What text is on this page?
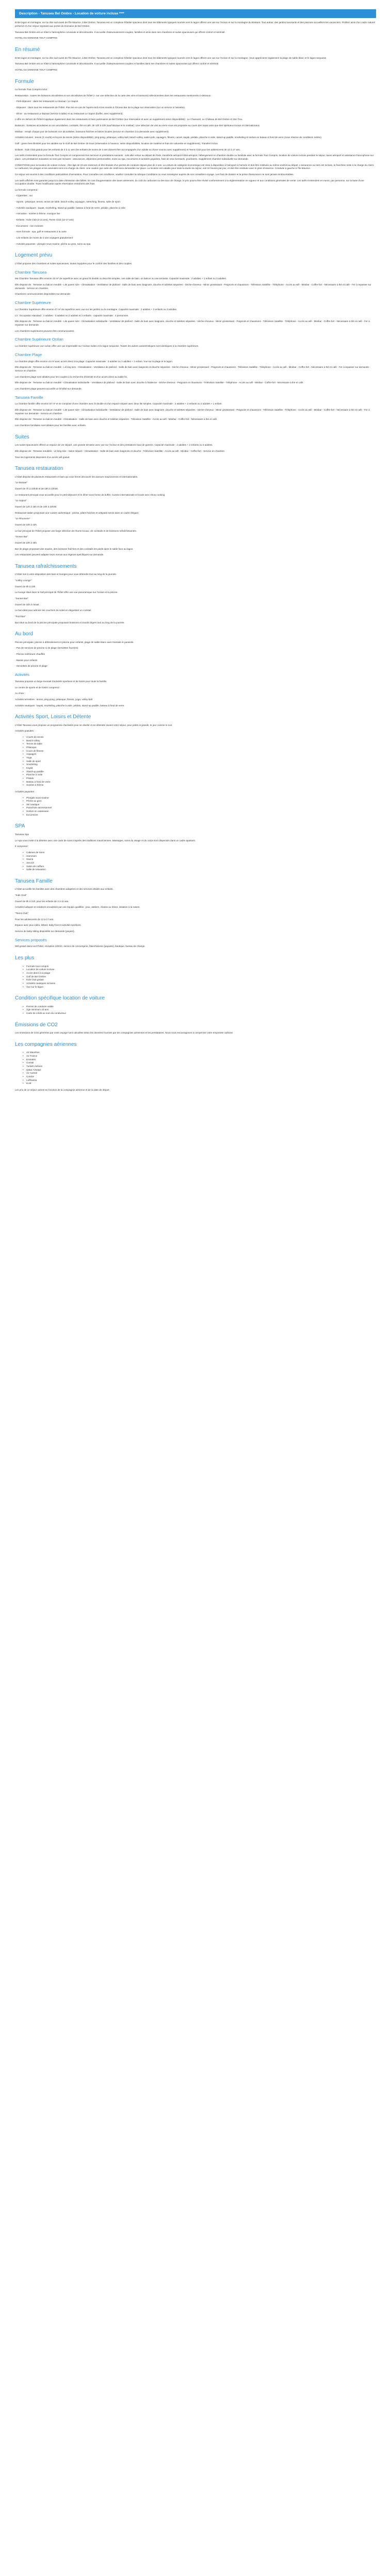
Description - Tanusea Bel Ombre - Location de voiture incluse ****

Entre lagon et montagne, sur la côte sud-ouest de l'île Maurice, à Bel Ombre, Tanusea est un complexe hôtelier spacieux dont tous les bâtiments typiques tournés vers le lagon offrent une vue sur l'océan et sur la montagne du Brabant. Tout autour, des jardins luxuriants et des piscines accueillent les vacanciers. Profitez ainsi d'un cadre naturel préservé et d'un séjour reposant aux portes du Domaine de Bel Ombre.

Tanusea Bel Ombre est un hôtel à l'atmosphère conviviale et décontractée. Il accueille chaleureusement couples, familles et amis dans ses chambres et suites spacieuses qui offrent confort et sérénité.

HOTEL DU DOMAINE TOUT COMPRIS

En résumé

Entre lagon et montagne, sur la côte sud-ouest de l'île Maurice, à Bel Ombre, Tanusea est un complexe hôtelier spacieux dont tous les bâtiments typiques tournés vers le lagon offrent une vue sur l'océan et sur la montagne. Vous apprécierez également la plage de sable blanc et le lagon turquoise.

Tanusea Bel Ombre est un hôtel à l'atmosphère conviviale et décontractée. Il accueille chaleureusement couples et familles dans ses chambres et suites spacieuses qui offrent confort et sérénité.

HOTEL DU DOMAINE TOUT COMPRIS

Formule

La formule Tout Compris inclut :

Restauration : toutes les boissons alcoolisées et non alcoolisées de l'hôtel (+ sur une sélection de la carte des vins et boissons) sélectionnées dans les restaurants mentionnés ci-dessous :

- Petit-déjeuner : dans les restaurants Le Bazaar / Le Sapori.

- Déjeuner : dans tous les restaurants de l'hôtel. Plus les en-cas de l'après-midi et les snacks à l'Ocean Bar de la plage sur réservation (sur un service à l'assiette).

- Dîner : au restaurant Le Bazaar (service à table) et au restaurant Le Sapori (buffet, avec supplément).

L'offre en dehors de l'hôtel s'applique également dans les restaurants et bars partenaires de Bel Ombre (sur réservation et avec un supplément selon disponibilité) : Le Chamarel, Le Château de Bel Ombre et 19e Trou.

Boissons : boissons alcoolisées et non alcoolisées, cocktails, thé et café, de 10h à 23h (sauf Bazaar et le minibar). Une sélection de vins au verre vous est proposée au cours des repas ainsi que des spiritueux locaux et internationaux.

Minibar : rempli chaque jour de boissons non alcoolisées, boissons fraîches et bières locales (service en chambre à la demande avec supplément).

Activités incluses : tennis (2 courts) et leçons de tennis (selon disponibilité), ping-pong, pétanque, volley-ball, beach-volley, water-polo, aquagym, fitness, canoë, kayak, pédalo, planche à voile, stand-up paddle, snorkeling et sorties en bateau à fond de verre (sous réserve de conditions météo).

Golf : green fees illimités pour les adultes sur le Golf de Bel Ombre 18 trous (réservation à l'avance, selon disponibilités, location de matériel et frais de voiturette en supplément). Transfert inclus.

Enfants : Kids Club gratuit pour les enfants de 3 à 11 ans (les enfants de moins de 3 ans doivent être accompagnés d'un adulte ou d'une nounou avec supplément) et Teens Club pour les adolescents de 12 à 17 ans.

Les tarifs s'entendent pour la formule Tout Compris et comprennent les services et prestations suivants : vols aller-retour au départ de Paris, transferts aéroport-hôtel-aéroport, hébergement en chambre double ou familiale avec la formule Tout Compris, location de voiture incluse pendant le séjour, taxes aéroport et assistance francophone sur place. Les prestations suivantes ne sont pas incluses : assurances, dépenses personnelles, soins au spa, excursions et activités payantes, frais de visa éventuels, pourboires. Supplément chambre individuelle sur demande.

CONDITIONS pour la location de voiture incluse : être âgé de 23 ans minimum et être titulaire d'un permis de conduire depuis plus de 2 ans. La voiture de catégorie économique est mise à disposition à l'aéroport à l'arrivée et doit être restituée au même endroit au départ. L'assurance au tiers est incluse, la franchise reste à la charge du client. Le carburant, les péages et les amendes sont à la charge du client. Une caution par carte de crédit sera demandée sur place. La location est valable pour toute la durée du séjour, soit 24 heures par jour, et doit être restituée avec le plein d'essence. Conduite à gauche à l'île Maurice.

Ce séjour est soumis à des conditions particulières d'annulation. Pour connaître ces conditions, veuillez consulter la rubrique Conditions ou vous renseigner auprès de nos conseillers voyage. Les frais de dossier et la prime d'assurance ne sont jamais remboursables.

Les tarifs affichés sont garantis jusqu'à la date d'émission des billets. En cas d'augmentation des taxes aériennes, du coût du carburant ou des taux de change, le prix pourra être révisé conformément à la réglementation en vigueur et aux conditions générales de vente. Les tarifs s'entendent en euros, par personne, sur la base d'une occupation double. Toute modification après réservation entraînera des frais.

La formule comprend :

- Cigarettes : oui

- Sports : pétanque, tennis, tennis de table, beach-volley, aquagym, stretching, fitness, salle de sport

- Activités nautiques : kayak, snorkeling, stand-up paddle, bateau à fond de verre, pédalo, planche à voile

- Animation : soirées à thème, musique live

- Enfants : Kids Club (3-11 ans), Teens Club (12-17 ans)

- Excursions : non incluses

- Hors formule : spa, golf et restaurants à la carte

- Les enfants de moins de 2 ans voyagent gratuitement

- Activités payantes : plongée sous-marine, pêche au gros, soins au spa

Logement prévu

L'hôtel propose des chambres et suites spacieuses, toutes équipées pour le confort des familles et des couples.

Chambre Tanusea

Ma Chambre Tanusea offre environ 43 m² de superficie avec un grand lit double ou deux lits simples, une salle de bain, un balcon ou une terrasse. Capacité maximale : 2 adultes + 1 enfant ou 3 adultes.

Elle dispose de : Terrasse ou balcon meublé - Lits queen size - Climatisation - Ventilateur de plafond - Salle de bain avec baignoire, douche et toilettes séparées - Sèche-cheveux - Miroir grossissant - Peignoirs et chaussons - Télévision Satellite - Téléphone - Accès au wifi - Minibar - Coffre-fort - Nécessaire à thé et café - Fer à repasser sur demande - Service en chambre.

Chambres communicantes disponibles sur demande.

Chambre Supérieure

La Chambre Supérieure offre environ 47 m² de superficie avec vue sur les jardins ou la montagne. Capacité maximale : 2 adultes + 2 enfants ou 3 adultes.

Lit : Occupation standard : 2 adultes - 3 adultes ou 2 adultes et 2 enfants - capacité maximale : 4 personnes.

Elle dispose de : Terrasse ou balcon meublé - Lits queen size - Climatisation individuelle - Ventilateur de plafond - Salle de bain avec baignoire, douche et toilettes séparées - Sèche-cheveux - Miroir grossissant - Peignoirs et chaussons - Télévision Satellite - Téléphone - Accès au wifi - Minibar - Coffre-fort - Nécessaire à thé et café - Fer à repasser sur demande.

Les chambres supérieures peuvent être communicantes.

Chambre Supérieure Océan

La chambre supérieure vue océan offre une vue imprenable sur l'océan Indien et le lagon turquoise. Toutes les autres caractéristiques sont identiques à la chambre supérieure.

Chambre Plage

La chambre plage offre environ 44 m² avec accès direct à la plage. Capacité maximale : 3 adultes ou 2 adultes + 1 enfant. Vue sur la plage et le lagon.

Elle dispose de : Terrasse ou balcon meublé - Lit king size - Climatisation - Ventilateur de plafond - Salle de bain avec baignoire et douche séparées - Sèche-cheveux - Miroir grossissant - Peignoirs et chaussons - Télévision Satellite - Téléphone - Accès au wifi - Minibar - Coffre-fort - Nécessaire à thé et café - Fer à repasser sur demande - Service en chambre.

Les chambres plage sont idéales pour les couples à la recherche d'intimité et d'un accès direct au sable fin.

Elle dispose de : Terrasse ou balcon meublé - Climatisation individuelle - Ventilateur de plafond - Salle de bain avec douche à l'italienne - Sèche-cheveux - Peignoirs et chaussons - Télévision Satellite - Téléphone - Accès au wifi - Minibar - Coffre-fort - Nécessaire à thé et café.

Les chambres plage peuvent accueillir un lit bébé sur demande.

Tanusea Famille

La chambre famille offre environ 57 m² et se compose d'une chambre avec lit double et d'un espace séparé avec deux lits simples. Capacité maximale : 2 adultes + 2 enfants ou 3 adultes + 1 enfant.

Elle dispose de : Terrasse ou balcon meublé - Lits queen size - Climatisation individuelle - Ventilateur de plafond - Salle de bain avec baignoire, douche et toilettes séparées - Sèche-cheveux - Miroir grossissant - Peignoirs et chaussons - Télévision Satellite - Téléphone - Accès au wifi - Minibar - Coffre-fort - Nécessaire à thé et café - Fer à repasser sur demande - Service en chambre.

Elle dispose de : Terrasse ou balcon meublé - Climatisation - Salle de bain avec douche et toilettes séparées - Télévision Satellite - Accès au wifi - Minibar - Coffre-fort - Nécessaire à thé et café.

Les chambres familiales sont idéales pour les familles avec enfants.

Suites

Les suites spacieuses offrent un espace de vie séparé, une grande terrasse avec vue sur l'océan et des prestations haut de gamme. Capacité maximale : 2 adultes + 2 enfants ou 3 adultes.

Elle dispose de : Terrasse meublée - Lit king size - Salon séparé - Climatisation - Salle de bain avec baignoire et douche - Télévision Satellite - Accès au wifi - Minibar - Coffre-fort - Service en chambre.

Tous les logements disposent d'un accès wifi gratuit.

Tanusea restauration

L'hôtel dispose de plusieurs restaurants et bars qui vous feront découvrir les saveurs mauriciennes et internationales.

"Le Bazaar"

Ouvert de 7h à 10h30 et de 19h à 22h30.

Le restaurant principal vous accueille pour le petit-déjeuner et le dîner sous forme de buffet. Cuisine internationale et locale avec show cooking.

"Le Sapori"

Ouvert de 12h à 15h et de 19h à 22h30.

Restaurant italien proposant une cuisine authentique : pizzas, pâtes fraîches et antipasti servis dans un cadre élégant.

"Le Rhumerie"

Ouvert de 10h à 23h.

Le bar principal de l'hôtel propose une large sélection de rhums locaux, de cocktails et de boissons rafraîchissantes.

"Ocean Bar"

Ouvert de 10h à 18h.

Bar de plage proposant des snacks, des boissons fraîches et des cocktails les pieds dans le sable face au lagon.

Les restaurants peuvent adapter leurs menus aux régimes spécifiques sur demande.

Tanusea rafraîchissements

L'hôtel met à votre disposition des bars et lounges pour vous détendre tout au long de la journée.

"Lobby Lounge"

Ouvert de 9h à 23h.

Le lounge situé dans le hall principal de l'hôtel offre une vue panoramique sur l'océan et la piscine.

"Sunset Bar"

Ouvert de 16h à minuit.

Le bar idéal pour admirer les couchers de soleil en dégustant un cocktail.

"Pool Bar"

Bar situé au bord de la piscine principale proposant boissons et snacks légers tout au long de la journée.

Au bord

Piscine principale, piscine à débordement et piscine pour enfants, plage de sable blanc avec transats et parasols.

- Pas de services de piscine ni de plage (serviettes fournies)

- Piscine extérieure chauffée

- Bassin pour enfants

- Serviettes de piscine et plage

Activités

Tanusea propose un large éventail d'activités sportives et de loisirs pour toute la famille.

Le centre de sports et de loisirs comprend :

Au choix :

Activités terrestres : tennis, ping-pong, pétanque, fitness, yoga, volley-ball.

Activités nautiques : kayak, snorkeling, planche à voile, pédalo, stand-up paddle, bateau à fond de verre.

Activités Sport, Loisirs et Détente

L'hôtel Tanusea vous propose un programme d'activités pour se divertir et se détendre durant votre séjour, pour petits et grands, le jour comme le soir.

Activités gratuites :

• Courts de tennis
• Beach-volley
• Tennis de table
• Pétanque
• Cours de fitness
• Aquagym
• Yoga
• Salle de sport
• Snorkeling
• Kayak
• Stand-up paddle
• Planche à voile
• Pédalo
• Bateau à fond de verre
• Soirées à thème

Activités payantes :

• Plongée sous-marine
• Pêche au gros
• Ski nautique
• Parachute ascensionnel
• Sorties en catamaran
• Excursions
SPA

Tanusea Spa

Le spa vous invite à la détente avec une carte de soins inspirés des traditions mauriciennes. Massages, soins du visage et du corps sont dispensés dans un cadre apaisant.

Il comprend :

• Cabines de soins
• Hammam
• Sauna
• Jacuzzi
• Salon de coiffure
• Salle de relaxation
Tanusea Famille

L'hôtel accueille les familles avec des chambres adaptées et des services dédiés aux enfants.

"Kids Club"

Ouvert de 9h à 21h, pour les enfants de 3 à 11 ans.

Activités ludiques et créatives encadrées par une équipe qualifiée : jeux, ateliers, chasse au trésor, initiation à la nature.

"Teens Club"

Pour les adolescents de 12 à 17 ans.

Espace avec jeux vidéo, billard, baby-foot et activités sportives.

Service de baby-sitting disponible sur demande (payant).

Services proposés

Wifi gratuit dans tout l'hôtel, réception 24h/24, service de conciergerie, blanchisserie (payante), boutique, bureau de change.

Les plus
• Formule tout compris
• Location de voiture incluse
• Accès direct à la plage
• Golf de Bel Ombre
• Kids Club gratuit
• Activités nautiques incluses
• Vue sur le lagon
Condition spécifique location de voiture
• Permis de conduire valide
• Âge minimum 23 ans
• Carte de crédit au nom du conducteur
Émissions de CO2

Les émissions de CO2 générées par votre voyage sont calculées selon les données fournies par les compagnies aériennes et les prestataires. Nous vous encourageons à compenser votre empreinte carbone.

Les compagnies aériennes
• Air Mauritius
• Air France
• Emirates
• Corsair
• Turkish Airlines
• Qatar Airways
• Air Austral
• Condor
• Lufthansa
• KLM

Les prix de ce séjour varient en fonction de la compagnie aérienne et de la date de départ.
